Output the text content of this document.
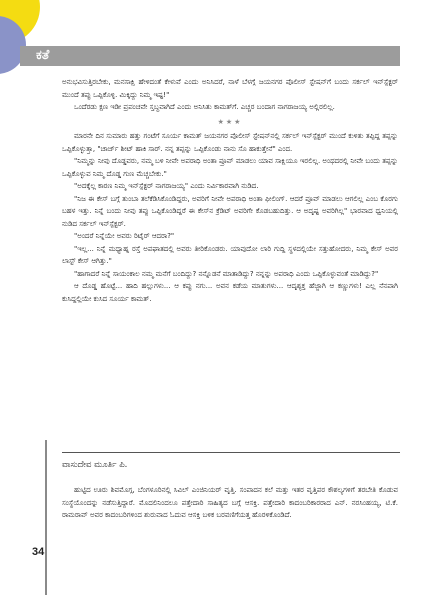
ಕತೆ

ಅನುಭವಿಸುತ್ತಿರಬೇಕು, ಮನಸಾಕ್ಷಿ ಹೇಳಿದಂತೆ ಕೇಳುವೆ ಎಂದು ಅನಿಸಿದರೆ, ನಾಳೆ ಬೆಳಗ್ಗೆ ಜಯನಗರ ಪೊಲೀಸ್ ಸ್ಟೇಷನ್‌ಗೆ ಬಂದು ಸರ್ಕಲ್ ಇನ್‌ಸ್ಪೆಕ್ಟರ್ ಮುಂದೆ ತಪ್ಪು ಒಪ್ಪಿಕೊಳ್ಳಿ. ಮಿಕ್ಕಿದ್ದು ನಿಮ್ಮ ಇಷ್ಟ!"

ಒಂದೆರಡು ಕ್ಷಣ ಇಡೀ ಪ್ರಪಂಚವೇ ಸ್ತಬ್ಧವಾಗಿದೆ ಎಂದು ಅನಿಸಿತು ಕಾಮತ್‌ಗೆ. ಎಚ್ಚರ ಬಂದಾಗ ನಾಗರಾಜಯ್ಯ ಅಲ್ಲಿರಲಿಲ್ಲ.

★★★

ಮಾರನೇ ದಿನ ಸುಮಾರು ಹತ್ತು ಗಂಟೆಗೆ ಸೂರ್ಯ ಕಾಮತ್ ಜಯನಗರ ಪೊಲೀಸ್ ಸ್ಟೇಷನ್‌ನಲ್ಲಿ ಸರ್ಕಲ್ ಇನ್‌ಸ್ಪೆಕ್ಟರ್ ಮುಂದೆ ಕುಳಿತು ತಪ್ಪಿದ್ದ ತಪ್ಪನ್ನು ಒಪ್ಪಿಕೊಳ್ಳುತ್ತಾ, "ಚಾರ್ಜ್ ಶೀಟ್ ಹಾಕಿ ಸಾರ್. ನನ್ನ ತಪ್ಪನ್ನು ಒಪ್ಪಿಕೊಂಡು ನಾನು ಸೊ ಹಾಕುತ್ತೇನೆ" ಎಂದ.

"ನಿಮ್ಮನ್ನು ನೀವು ದೊಡ್ಡವರು, ನಮ್ಮ ಬಳಿ ನೀವೇ ಅಪರಾಧಿ ಅಂತಾ ಪ್ರೂವ್ ಮಾಡಲು ಯಾವ ಸಾಕ್ಷಿಯೂ ಇರಲಿಲ್ಲ. ಅಂಥದರಲ್ಲಿ ನೀವೇ ಬಂದು ತಪ್ಪನ್ನು ಒಪ್ಪಿಕೊಳ್ಳುವ ನಿಮ್ಮ ದೊಡ್ಡ ಗುಣ ಮೆಚ್ಚಬೇಕು."

"ಅದಕ್ಕೆಲ್ಲ ಕಾರಣ ನಿಮ್ಮ ಇನ್‌ಸ್ಪೆಕ್ಟರ್ ನಾಗರಾಜಯ್ಯ" ಎಂದು ನಿರ್ವಿಕಾರವಾಗಿ ನುಡಿದ.

"ನಿಜ ಈ ಕೇಸ್ ಬಗ್ಗೆ ತುಂಬಾ ತಲೆಕೆಡಿಸಿಕೊಂಡಿದ್ದರು, ಅವರಿಗೆ ನೀವೇ ಅಪರಾಧಿ ಅಂತಾ ಫೀಲಿಂಗ್. ಆದರೆ ಪ್ರೂವ್ ಮಾಡಲು ಆಗಲಿಲ್ಲ ಎಂಬ ಕೊರಗು ಬಹಳ ಇತ್ತು. ನಿನ್ನೆ ಬಂದು ನೀವು ತಪ್ಪು ಒಪ್ಪಿಕೊಂಡಿದ್ದರೆ ಈ ಕೇಸ್‌ನ ಕ್ರೆಡಿಟ್ ಅವರಿಗೇ ಕೊಡಬಹುದಿತ್ತು. ಆ ಅದೃಷ್ಟ ಅವರಿಗಿಲ್ಲ" ಭಾರವಾದ ಧ್ವನಿಯಲ್ಲಿ ನುಡಿದ ಸರ್ಕಲ್ ಇನ್‌ಸ್ಪೆಕ್ಟರ್.

"ಅಂದರೆ ನಿನ್ನೆಯೇ ಅವರು ರಿಟೈರ್ ಆದರಾ?"

"ಇಲ್ಲ... ನಿನ್ನೆ ಮಧ್ಯಾಹ್ನ ರಸ್ತೆ ಅಪಘಾತದಲ್ಲಿ ಅವರು ತೀರಿಕೊಂಡರು. ಯಾವುದೋ ಲಾರಿ ಗುದ್ದಿ ಸ್ಥಳದಲ್ಲಿಯೇ ಸತ್ತುಹೋದರು, ನಿಮ್ಮ ಕೇಸ್ ಅವರ ಲಾಸ್ಟ್ ಕೇಸ್ ಆಗಿತ್ತು."

"ಹಾಗಾದರೆ ನಿನ್ನೆ ಸಾಯಂಕಾಲ ನಮ್ಮ ಮನೆಗೆ ಬಂದಿದ್ದು? ನನ್ನೊಡನೆ ಮಾತಾಡಿದ್ದು? ನನ್ನನ್ನು ಅಪರಾಧಿ ಎಂದು ಒಪ್ಪಿಕೊಳ್ಳುವಂತೆ ಮಾಡಿದ್ದು?"

ಆ ದೊಡ್ಡ ಹೊಟ್ಟೆ... ಹಾದಿ ಹಲ್ಲುಗಳು... ಆ ಕಪ್ಪು ನಗು... ಅವನ ಕಡೆಯ ಮಾತುಗಳು... ಆದೃಶ್ಯಕ್ತ ಹೆಜ್ಜಾಗಿ ಆ ಕಣ್ಣುಗಳು! ಎಲ್ಲ ನೆನಪಾಗಿ ಕುಸಿದ್ದಲ್ಲಿಯೇ ಕುಸಿದ ಸೂರ್ಯ ಕಾಮತ್.

ವಾಸುದೇವ ಮೂರ್ತಿ ಪಿ.

ಹುಟ್ಟಿದ ಊರು ಶಿವಮೊಗ್ಗ, ಬೆಂಗಳೂರಿನಲ್ಲಿ ಸಿವಿಲ್ ಎಂಜಿನಿಯರ್ ವೃತ್ತಿ. ಸಂಪಾದನ ಕಲೆ ಮತ್ತು ಇತರ ವೃತ್ತಿಪರ ಕೌಶಲ್ಯಗಳಿಗೆ ತರಬೇತಿ ಕೊಡುವ ಸಂಸ್ಥೆಯೊಂದನ್ನು ನಡೆಸುತ್ತಿದ್ದಾರೆ. ಮೊದಲಿನಿಂದಲೂ ಪತ್ತೇದಾರಿ ಸಾಹಿತ್ಯದ ಬಗ್ಗೆ ಆಸಕ್ತಿ. ಪತ್ತೇದಾರಿ ಕಾದಂಬರಿಕಾರರಾದ ಎನ್. ನರಸಿಂಹಯ್ಯ, ಟಿ.ಕೆ. ರಾಮರಾವ್ ಅವರ ಕಾದಂಬರಿಗಳಿಂದ ಶುರುವಾದ ಓದುವ ಆಸಕ್ತಿ ಬಳಿಕ ಬರವಣಿಗೆಯತ್ತ ಹೊರಳಿಕೊಂಡಿದೆ.

34
